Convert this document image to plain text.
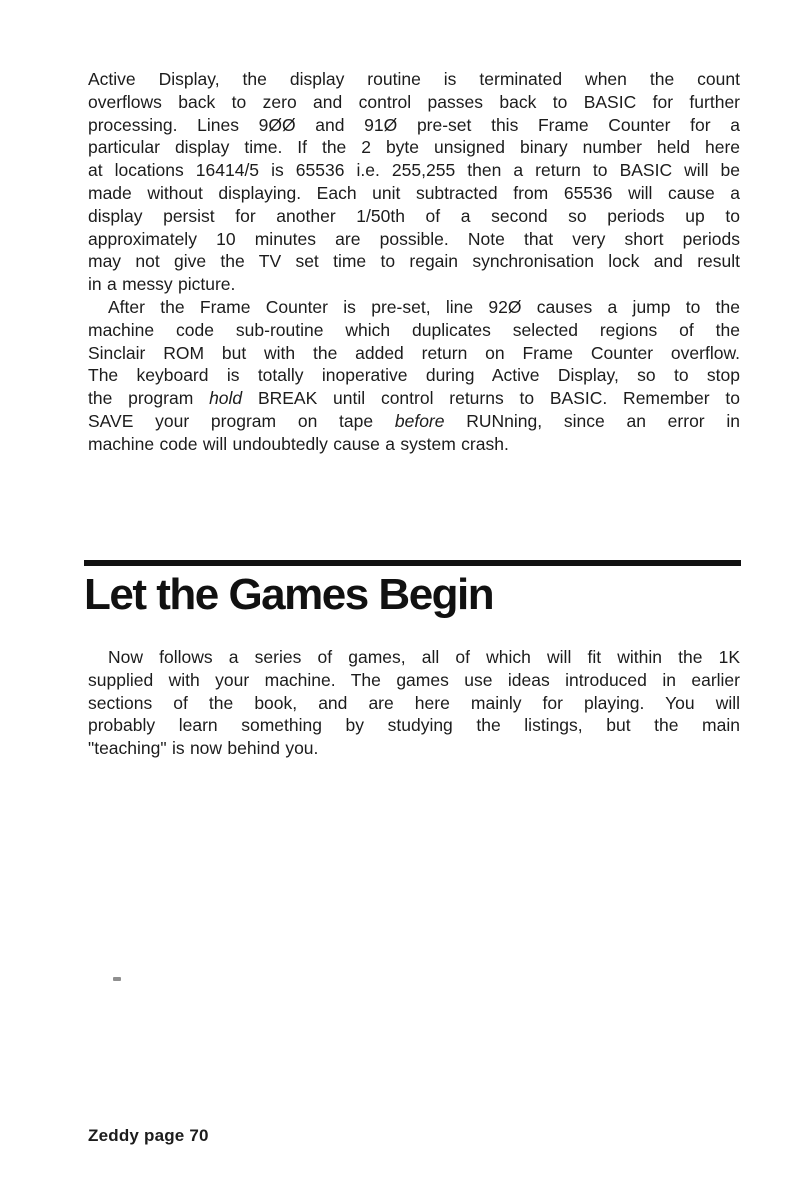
Active Display, the display routine is terminated when the count
overflows back to zero and control passes back to BASIC for further
processing. Lines 9ØØ and 91Ø pre-set this Frame Counter for a
particular display time. If the 2 byte unsigned binary number held here
at locations 16414/5 is 65536 i.e. 255,255 then a return to BASIC will be
made without displaying. Each unit subtracted from 65536 will cause a
display persist for another 1/50th of a second so periods up to
approximately 10 minutes are possible. Note that very short periods
may not give the TV set time to regain synchronisation lock and result
in a messy picture.
After the Frame Counter is pre-set, line 92Ø causes a jump to the
machine code sub-routine which duplicates selected regions of the
Sinclair ROM but with the added return on Frame Counter overflow.
The keyboard is totally inoperative during Active Display, so to stop
the program hold BREAK until control returns to BASIC. Remember to
SAVE your program on tape before RUNning, since an error in
machine code will undoubtedly cause a system crash.
Let the Games Begin
Now follows a series of games, all of which will fit within the 1K
supplied with your machine. The games use ideas introduced in earlier
sections of the book, and are here mainly for playing. You will
probably learn something by studying the listings, but the main
"teaching" is now behind you.
Zeddy page 70
